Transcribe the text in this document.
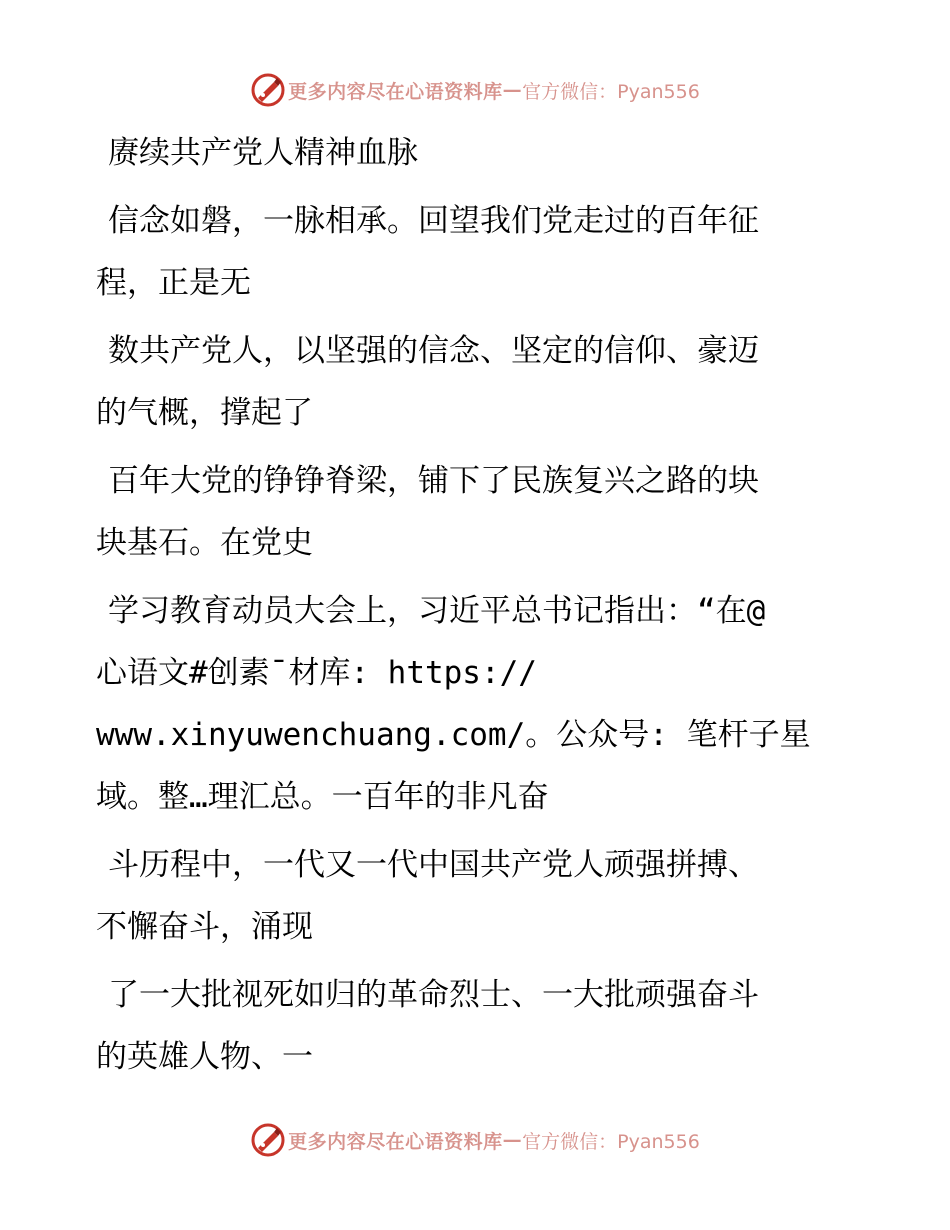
更多内容尽在心语资料库 — 官方微信：Pyan556
赓续共产党人精神血脉
信念如磐，一脉相承。回望我们党走过的百年征
程，正是无
数共产党人，以坚强的信念、坚定的信仰、豪迈
的气概，撑起了
百年大党的铮铮脊梁，铺下了民族复兴之路的块
块基石。在党史
学习教育动员大会上，习近平总书记指出：“在@
心语文#创素¯材库: https://
www.xinyuwenchuang.com/。公众号: 笔杆子星
域。整…理汇总。一百年的非凡奋
斗历程中，一代又一代中国共产党人顽强拼搏、
不懈奋斗，涌现
了一大批视死如归的革命烈士、一大批顽强奋斗
的英雄人物、一
更多内容尽在心语资料库 — 官方微信：Pyan556
